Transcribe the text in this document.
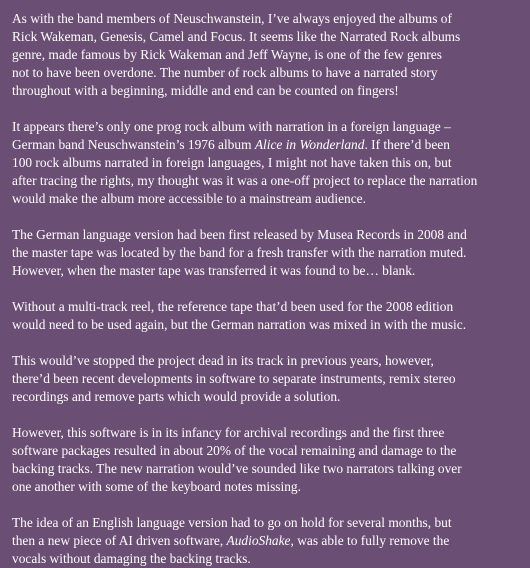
As with the band members of Neuschwanstein, I’ve always enjoyed the albums of
Rick Wakeman, Genesis, Camel and Focus. It seems like the Narrated Rock albums
genre, made famous by Rick Wakeman and Jeff Wayne, is one of the few genres
not to have been overdone. The number of rock albums to have a narrated story
throughout with a beginning, middle and end can be counted on fingers!

It appears there’s only one prog rock album with narration in a foreign language –
German band Neuschwanstein’s 1976 album Alice in Wonderland. If there’d been
100 rock albums narrated in foreign languages, I might not have taken this on, but
after tracing the rights, my thought was it was a one-off project to replace the narration
would make the album more accessible to a mainstream audience.

The German language version had been first released by Musea Records in 2008 and
the master tape was located by the band for a fresh transfer with the narration muted.
However, when the master tape was transferred it was found to be… blank.

Without a multi-track reel, the reference tape that’d been used for the 2008 edition
would need to be used again, but the German narration was mixed in with the music.

This would’ve stopped the project dead in its track in previous years, however,
there’d been recent developments in software to separate instruments, remix stereo
recordings and remove parts which would provide a solution.

However, this software is in its infancy for archival recordings and the first three
software packages resulted in about 20% of the vocal remaining and damage to the
backing tracks. The new narration would’ve sounded like two narrators talking over
one another with some of the keyboard notes missing.

The idea of an English language version had to go on hold for several months, but
then a new piece of AI driven software, AudioShake, was able to fully remove the
vocals without damaging the backing tracks.
